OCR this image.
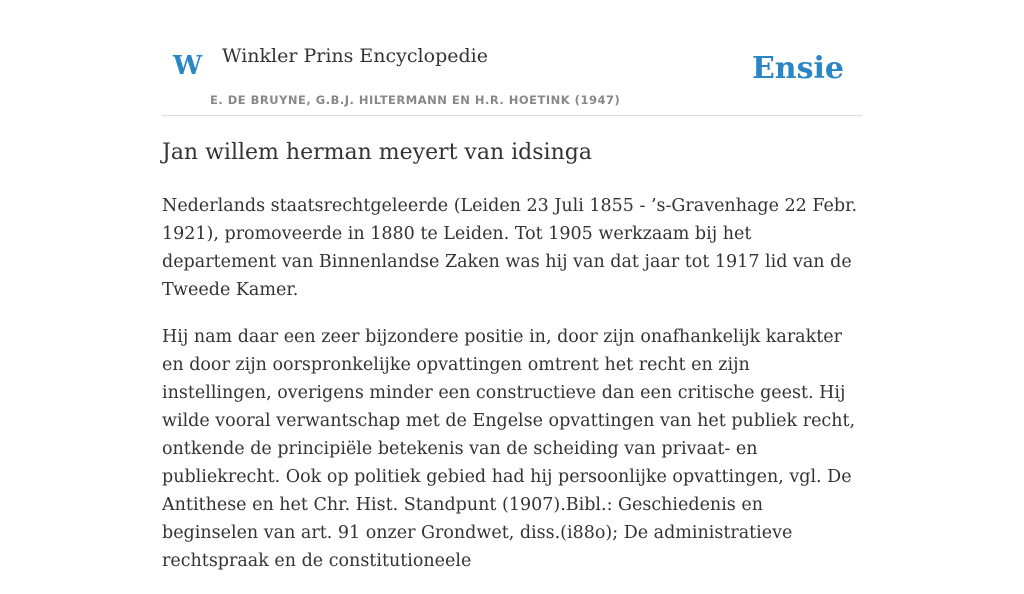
W Winkler Prins Encyclopedie
E. DE BRUYNE, G.B.J. HILTERMANN EN H.R. HOETINK (1947)
Ensie
Jan willem herman meyert van idsinga

Nederlands staatsrechtgeleerde (Leiden 23 Juli 1855 - ’s-Gravenhage 22 Febr. 1921), promoveerde in 1880 te Leiden. Tot 1905 werkzaam bij het departement van Binnenlandse Zaken was hij van dat jaar tot 1917 lid van de Tweede Kamer.

Hij nam daar een zeer bijzondere positie in, door zijn onafhankelijk karakter en door zijn oorspronkelijke opvattingen omtrent het recht en zijn instellingen, overigens minder een constructieve dan een critische geest. Hij wilde vooral verwantschap met de Engelse opvattingen van het publiek recht, ontkende de principiële betekenis van de scheiding van privaat- en publiekrecht. Ook op politiek gebied had hij persoonlijke opvattingen, vgl. De Antithese en het Chr. Hist. Standpunt (1907).Bibl.: Geschiedenis en beginselen van art. 91 onzer Grondwet, diss.(i88o); De administratieve rechtspraak en de constitutioneele
